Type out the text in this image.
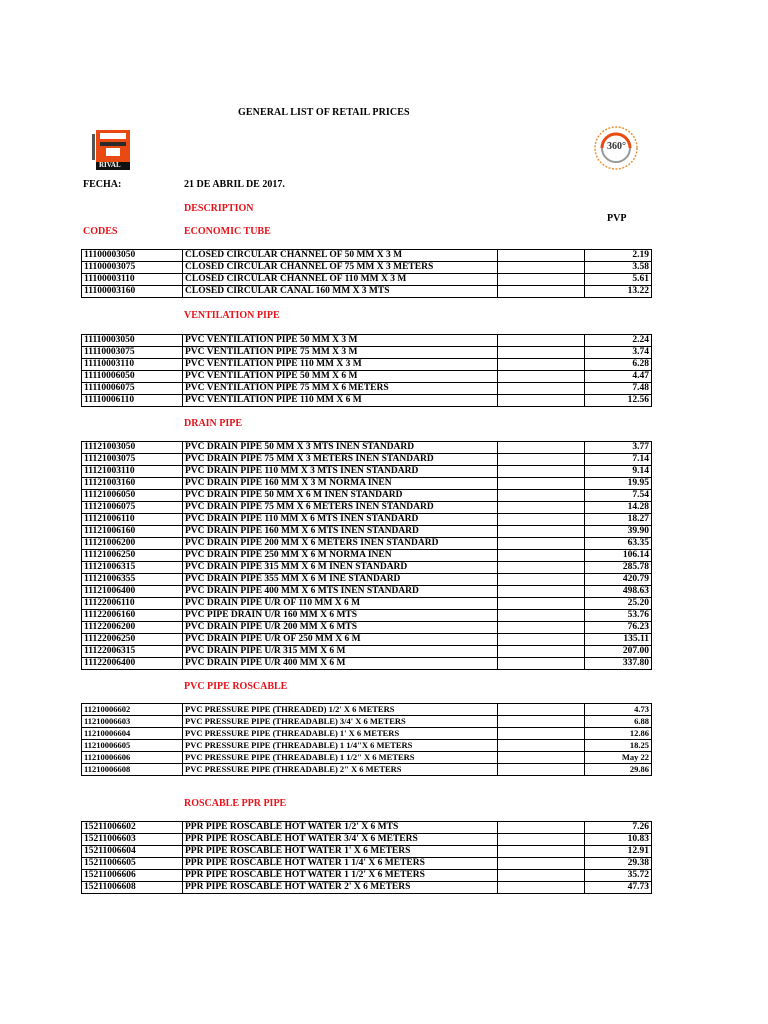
GENERAL LIST OF RETAIL PRICES
RIVAL
360°
FECHA:	21 DE ABRIL DE 2017.
DESCRIPTION
PVP
CODES	ECONOMIC TUBE
VENTILATION PIPE
DRAIN PIPE
PVC PIPE ROSCABLE
ROSCABLE PPR PIPE
11100003050	CLOSED CIRCULAR CHANNEL OF 50 MM X 3 M		2.19
11100003075	CLOSED CIRCULAR CHANNEL OF 75 MM X 3 METERS		3.58
11100003110	CLOSED CIRCULAR CHANNEL OF 110 MM X 3 M		5.61
11100003160	CLOSED CIRCULAR CANAL 160 MM X 3 MTS		13.22
11110003050	PVC VENTILATION PIPE 50 MM X 3 M		2.24
11110003075	PVC VENTILATION PIPE 75 MM X 3 M		3.74
11110003110	PVC VENTILATION PIPE 110 MM X 3 M		6.28
11110006050	PVC VENTILATION PIPE 50 MM X 6 M		4.47
11110006075	PVC VENTILATION PIPE 75 MM X 6 METERS		7.48
11110006110	PVC VENTILATION PIPE 110 MM X 6 M		12.56
11121003050	PVC DRAIN PIPE 50 MM X 3 MTS INEN STANDARD		3.77
11121003075	PVC DRAIN PIPE 75 MM X 3 METERS INEN STANDARD		7.14
11121003110	PVC DRAIN PIPE 110 MM X 3 MTS INEN STANDARD		9.14
11121003160	PVC DRAIN PIPE 160 MM X 3 M NORMA INEN		19.95
11121006050	PVC DRAIN PIPE 50 MM X 6 M INEN STANDARD		7.54
11121006075	PVC DRAIN PIPE 75 MM X 6 METERS INEN STANDARD		14.28
11121006110	PVC DRAIN PIPE 110 MM X 6 MTS INEN STANDARD		18.27
11121006160	PVC DRAIN PIPE 160 MM X 6 MTS INEN STANDARD		39.90
11121006200	PVC DRAIN PIPE 200 MM X 6 METERS INEN STANDARD		63.35
11121006250	PVC DRAIN PIPE 250 MM X 6 M NORMA INEN		106.14
11121006315	PVC DRAIN PIPE 315 MM X 6 M INEN STANDARD		285.78
11121006355	PVC DRAIN PIPE 355 MM X 6 M INE STANDARD		420.79
11121006400	PVC DRAIN PIPE 400 MM X 6 MTS INEN STANDARD		498.63
11122006110	PVC DRAIN PIPE U/R OF 110 MM X 6 M		25.20
11122006160	PVC PIPE DRAIN U/R 160 MM X 6 MTS		53.76
11122006200	PVC DRAIN PIPE U/R 200 MM X 6 MTS		76.23
11122006250	PVC DRAIN PIPE U/R OF 250 MM X 6 M		135.11
11122006315	PVC DRAIN PIPE U/R 315 MM X 6 M		207.00
11122006400	PVC DRAIN PIPE U/R 400 MM X 6 M		337.80
11210006602	PVC PRESSURE PIPE (THREADED) 1/2' X 6 METERS		4.73
11210006603	PVC PRESSURE PIPE (THREADABLE) 3/4' X 6 METERS		6.88
11210006604	PVC PRESSURE PIPE (THREADABLE) 1' X 6 METERS		12.86
11210006605	PVC PRESSURE PIPE (THREADABLE) 1 1/4"X 6 METERS		18.25
11210006606	PVC PRESSURE PIPE (THREADABLE) 1 1/2" X 6 METERS		May 22
11210006608	PVC PRESSURE PIPE (THREADABLE) 2" X 6 METERS		29.86
15211006602	PPR PIPE ROSCABLE HOT WATER 1/2' X 6 MTS		7.26
15211006603	PPR PIPE ROSCABLE HOT WATER 3/4' X 6 METERS		10.83
15211006604	PPR PIPE ROSCABLE HOT WATER 1' X 6 METERS		12.91
15211006605	PPR PIPE ROSCABLE HOT WATER 1 1/4' X 6 METERS		29.38
15211006606	PPR PIPE ROSCABLE HOT WATER 1 1/2' X 6 METERS		35.72
15211006608	PPR PIPE ROSCABLE HOT WATER 2' X 6 METERS		47.73
